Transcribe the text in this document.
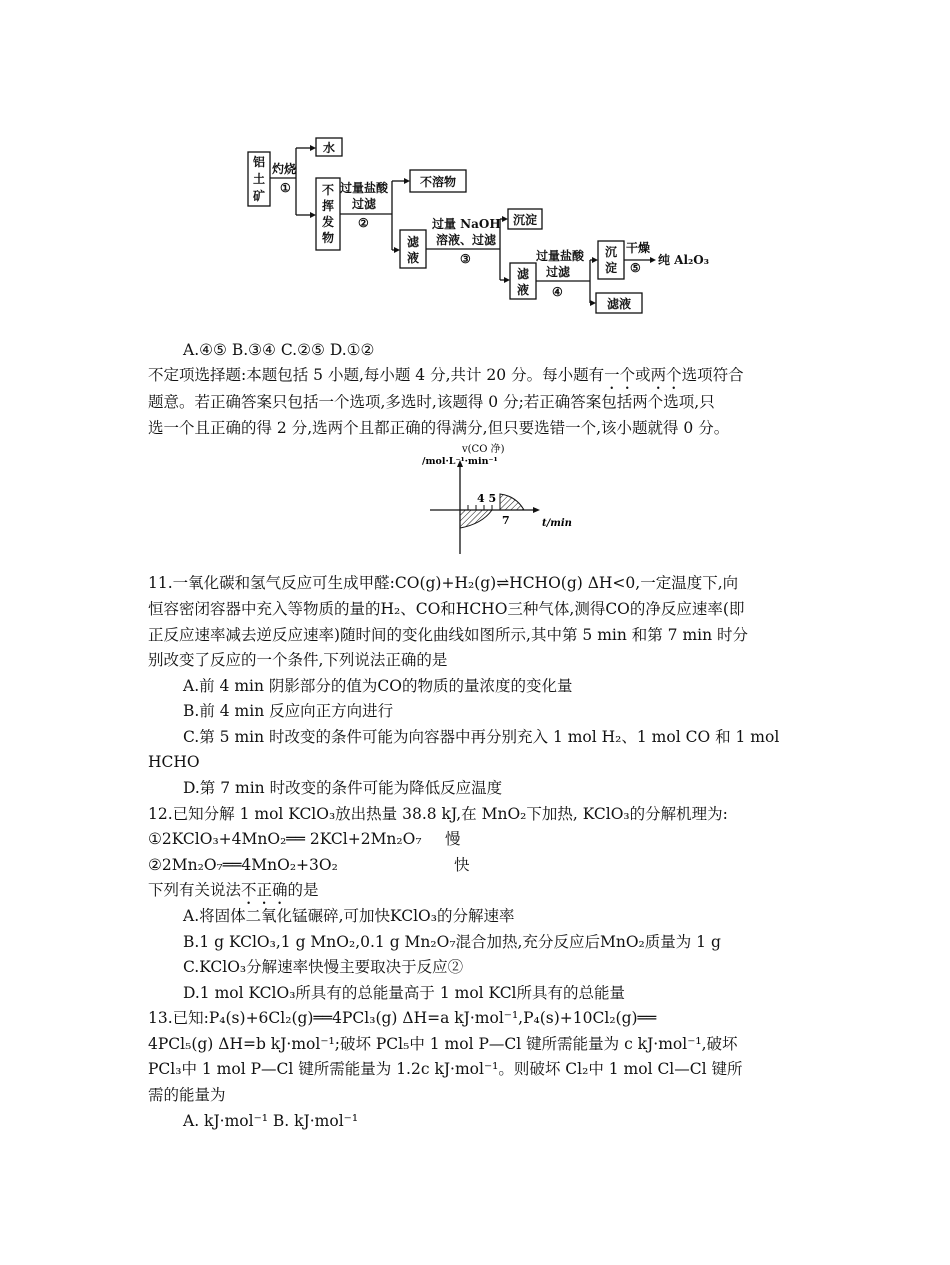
铝
土
矿
灼烧
①
水
不
挥
发
物
过量盐酸
过滤
②
不溶物
滤
液
过量 NaOH
溶液、过滤
③
沉淀
滤
液
过量盐酸
过滤
④
沉
淀
干燥
⑤
纯 Al₂O₃
滤液
A.④⑤ B.③④ C.②⑤ D.①②
不定项选择题:本题包括 5 小题,每小题 4 分,共计 20 分。每小题有一个或两个选项符合
题意。若正确答案只包括一个选项,多选时,该题得 0 分;若正确答案包括两个选项,只
选一个且正确的得 2 分,选两个且都正确的得满分,但只要选错一个,该小题就得 0 分。
v(CO 净)
/mol·L⁻¹·min⁻¹
4 5
7	t/min
11.一氧化碳和氢气反应可生成甲醛:CO(g)+H₂(g)⇌HCHO(g) ΔH<0,一定温度下,向
恒容密闭容器中充入等物质的量的H₂、CO和HCHO三种气体,测得CO的净反应速率(即
正反应速率减去逆反应速率)随时间的变化曲线如图所示,其中第 5 min 和第 7 min 时分
别改变了反应的一个条件,下列说法正确的是
A.前 4 min 阴影部分的值为CO的物质的量浓度的变化量
B.前 4 min 反应向正方向进行
C.第 5 min 时改变的条件可能为向容器中再分别充入 1 mol H₂、1 mol CO 和 1 mol
HCHO
D.第 7 min 时改变的条件可能为降低反应温度
12.已知分解 1 mol KClO₃放出热量 38.8 kJ,在 MnO₂下加热, KClO₃的分解机理为:
①2KClO₃+4MnO₂══ 2KCl+2Mn₂O₇ 慢
②2Mn₂O₇══4MnO₂+3O₂	快
下列有关说法不正确的是
A.将固体二氧化锰碾碎,可加快KClO₃的分解速率
B.1 g KClO₃,1 g MnO₂,0.1 g Mn₂O₇混合加热,充分反应后MnO₂质量为 1 g
C.KClO₃分解速率快慢主要取决于反应②
D.1 mol KClO₃所具有的总能量高于 1 mol KCl所具有的总能量
13.已知:P₄(s)+6Cl₂(g)══4PCl₃(g) ΔH=a kJ·mol⁻¹,P₄(s)+10Cl₂(g)══
4PCl₅(g) ΔH=b kJ·mol⁻¹;破坏 PCl₅中 1 mol P—Cl 键所需能量为 c kJ·mol⁻¹,破坏
PCl₃中 1 mol P—Cl 键所需能量为 1.2c kJ·mol⁻¹。则破坏 Cl₂中 1 mol Cl—Cl 键所
需的能量为
A. kJ·mol⁻¹ B. kJ·mol⁻¹
